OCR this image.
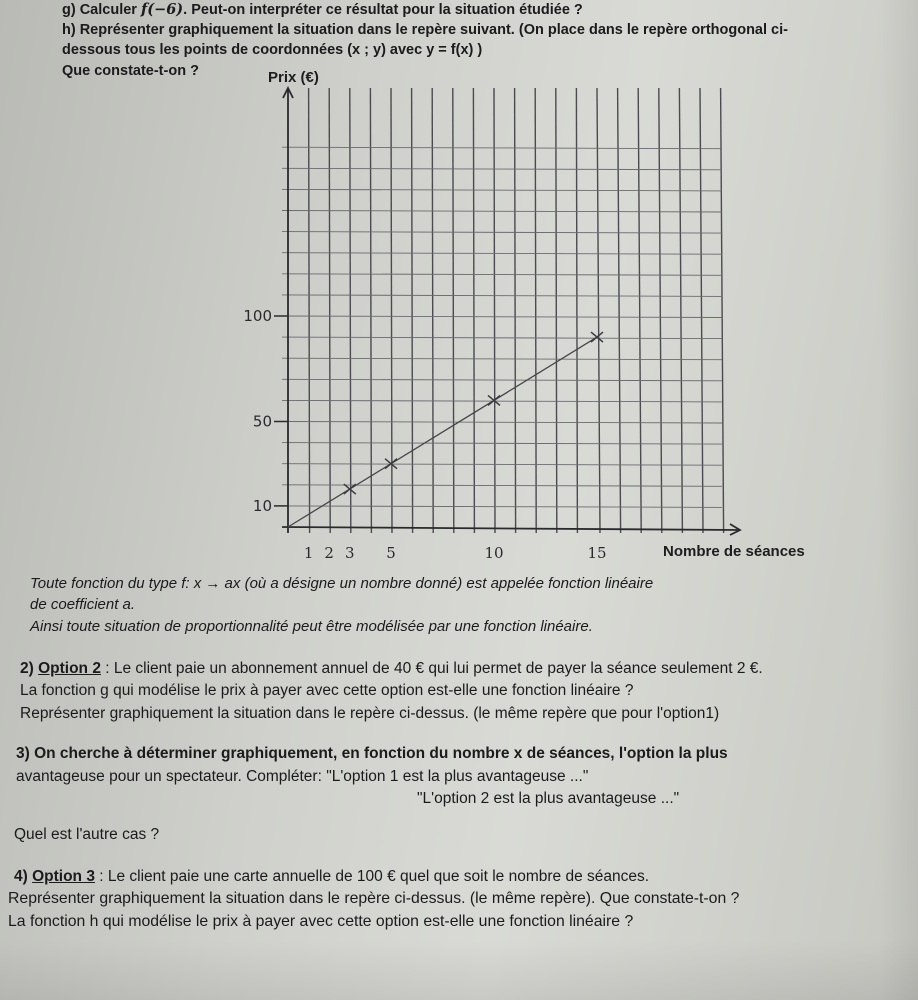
g) Calculer f(−6). Peut-on interpréter ce résultat pour la situation étudiée ?
h) Représenter graphiquement la situation dans le repère suivant. (On place dans le repère orthogonal ci-
dessous tous les points de coordonnées (x ; y) avec y = f(x) )
Que constate-t-on ?
1 2 3 5	10	15
10
50
100
Prix (€)
Nombre de séances
Toute fonction du type f: x → ax (où a désigne un nombre donné) est appelée fonction linéaire
de coefficient a.
Ainsi toute situation de proportionnalité peut être modélisée par une fonction linéaire.
2) Option 2 : Le client paie un abonnement annuel de 40 € qui lui permet de payer la séance seulement 2 €.
La fonction g qui modélise le prix à payer avec cette option est-elle une fonction linéaire ?
Représenter graphiquement la situation dans le repère ci-dessus. (le même repère que pour l'option1)
3) On cherche à déterminer graphiquement, en fonction du nombre x de séances, l'option la plus
avantageuse pour un spectateur. Compléter: "L'option 1 est la plus avantageuse ..."
"L'option 2 est la plus avantageuse ..."
Quel est l'autre cas ?
4) Option 3 : Le client paie une carte annuelle de 100 € quel que soit le nombre de séances.
Représenter graphiquement la situation dans le repère ci-dessus. (le même repère). Que constate-t-on ?
La fonction h qui modélise le prix à payer avec cette option est-elle une fonction linéaire ?
